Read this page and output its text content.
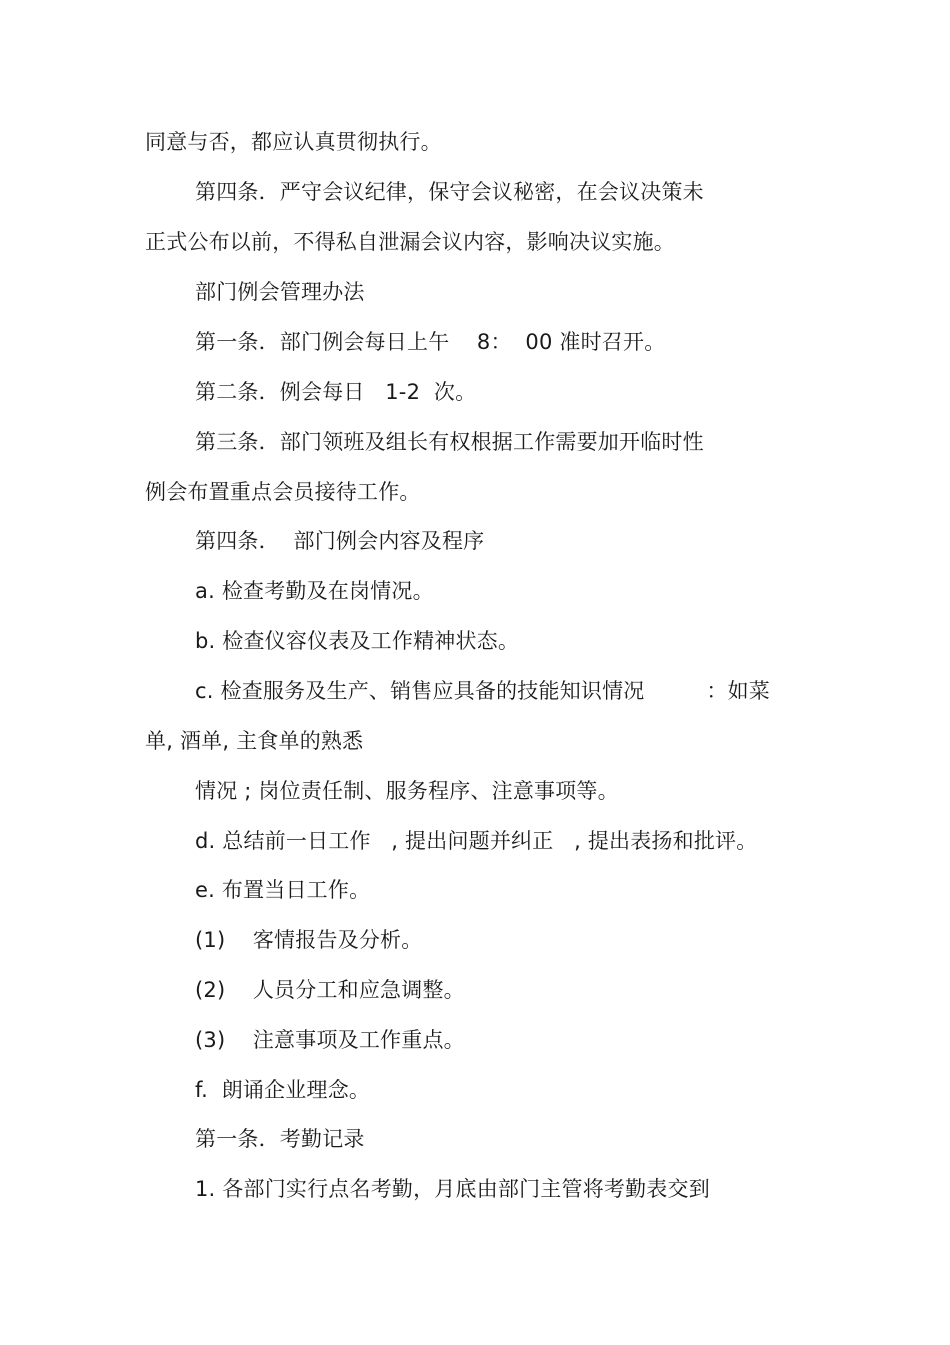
同意与否，都应认真贯彻执行。
第四条．严守会议纪律，保守会议秘密，在会议决策未
正式公布以前，不得私自泄漏会议内容，影响决议实施。
部门例会管理办法
第一条．部门例会每日上午    8：  00 准时召开。
第二条．例会每日   1-2  次。
第三条．部门领班及组长有权根据工作需要加开临时性
例会布置重点会员接待工作。
第四条．  部门例会内容及程序
a. 检查考勤及在岗情况。
b. 检查仪容仪表及工作精神状态。
c. 检查服务及生产、销售应具备的技能知识情况         ：如菜
单, 酒单, 主食单的熟悉
情况 ; 岗位责任制、服务程序、注意事项等。
d. 总结前一日工作   , 提出问题并纠正   , 提出表扬和批评。
e. 布置当日工作。
(1)    客情报告及分析。
(2)    人员分工和应急调整。
(3)    注意事项及工作重点。
f.  朗诵企业理念。
第一条．考勤记录
1. 各部门实行点名考勤，月底由部门主管将考勤表交到
